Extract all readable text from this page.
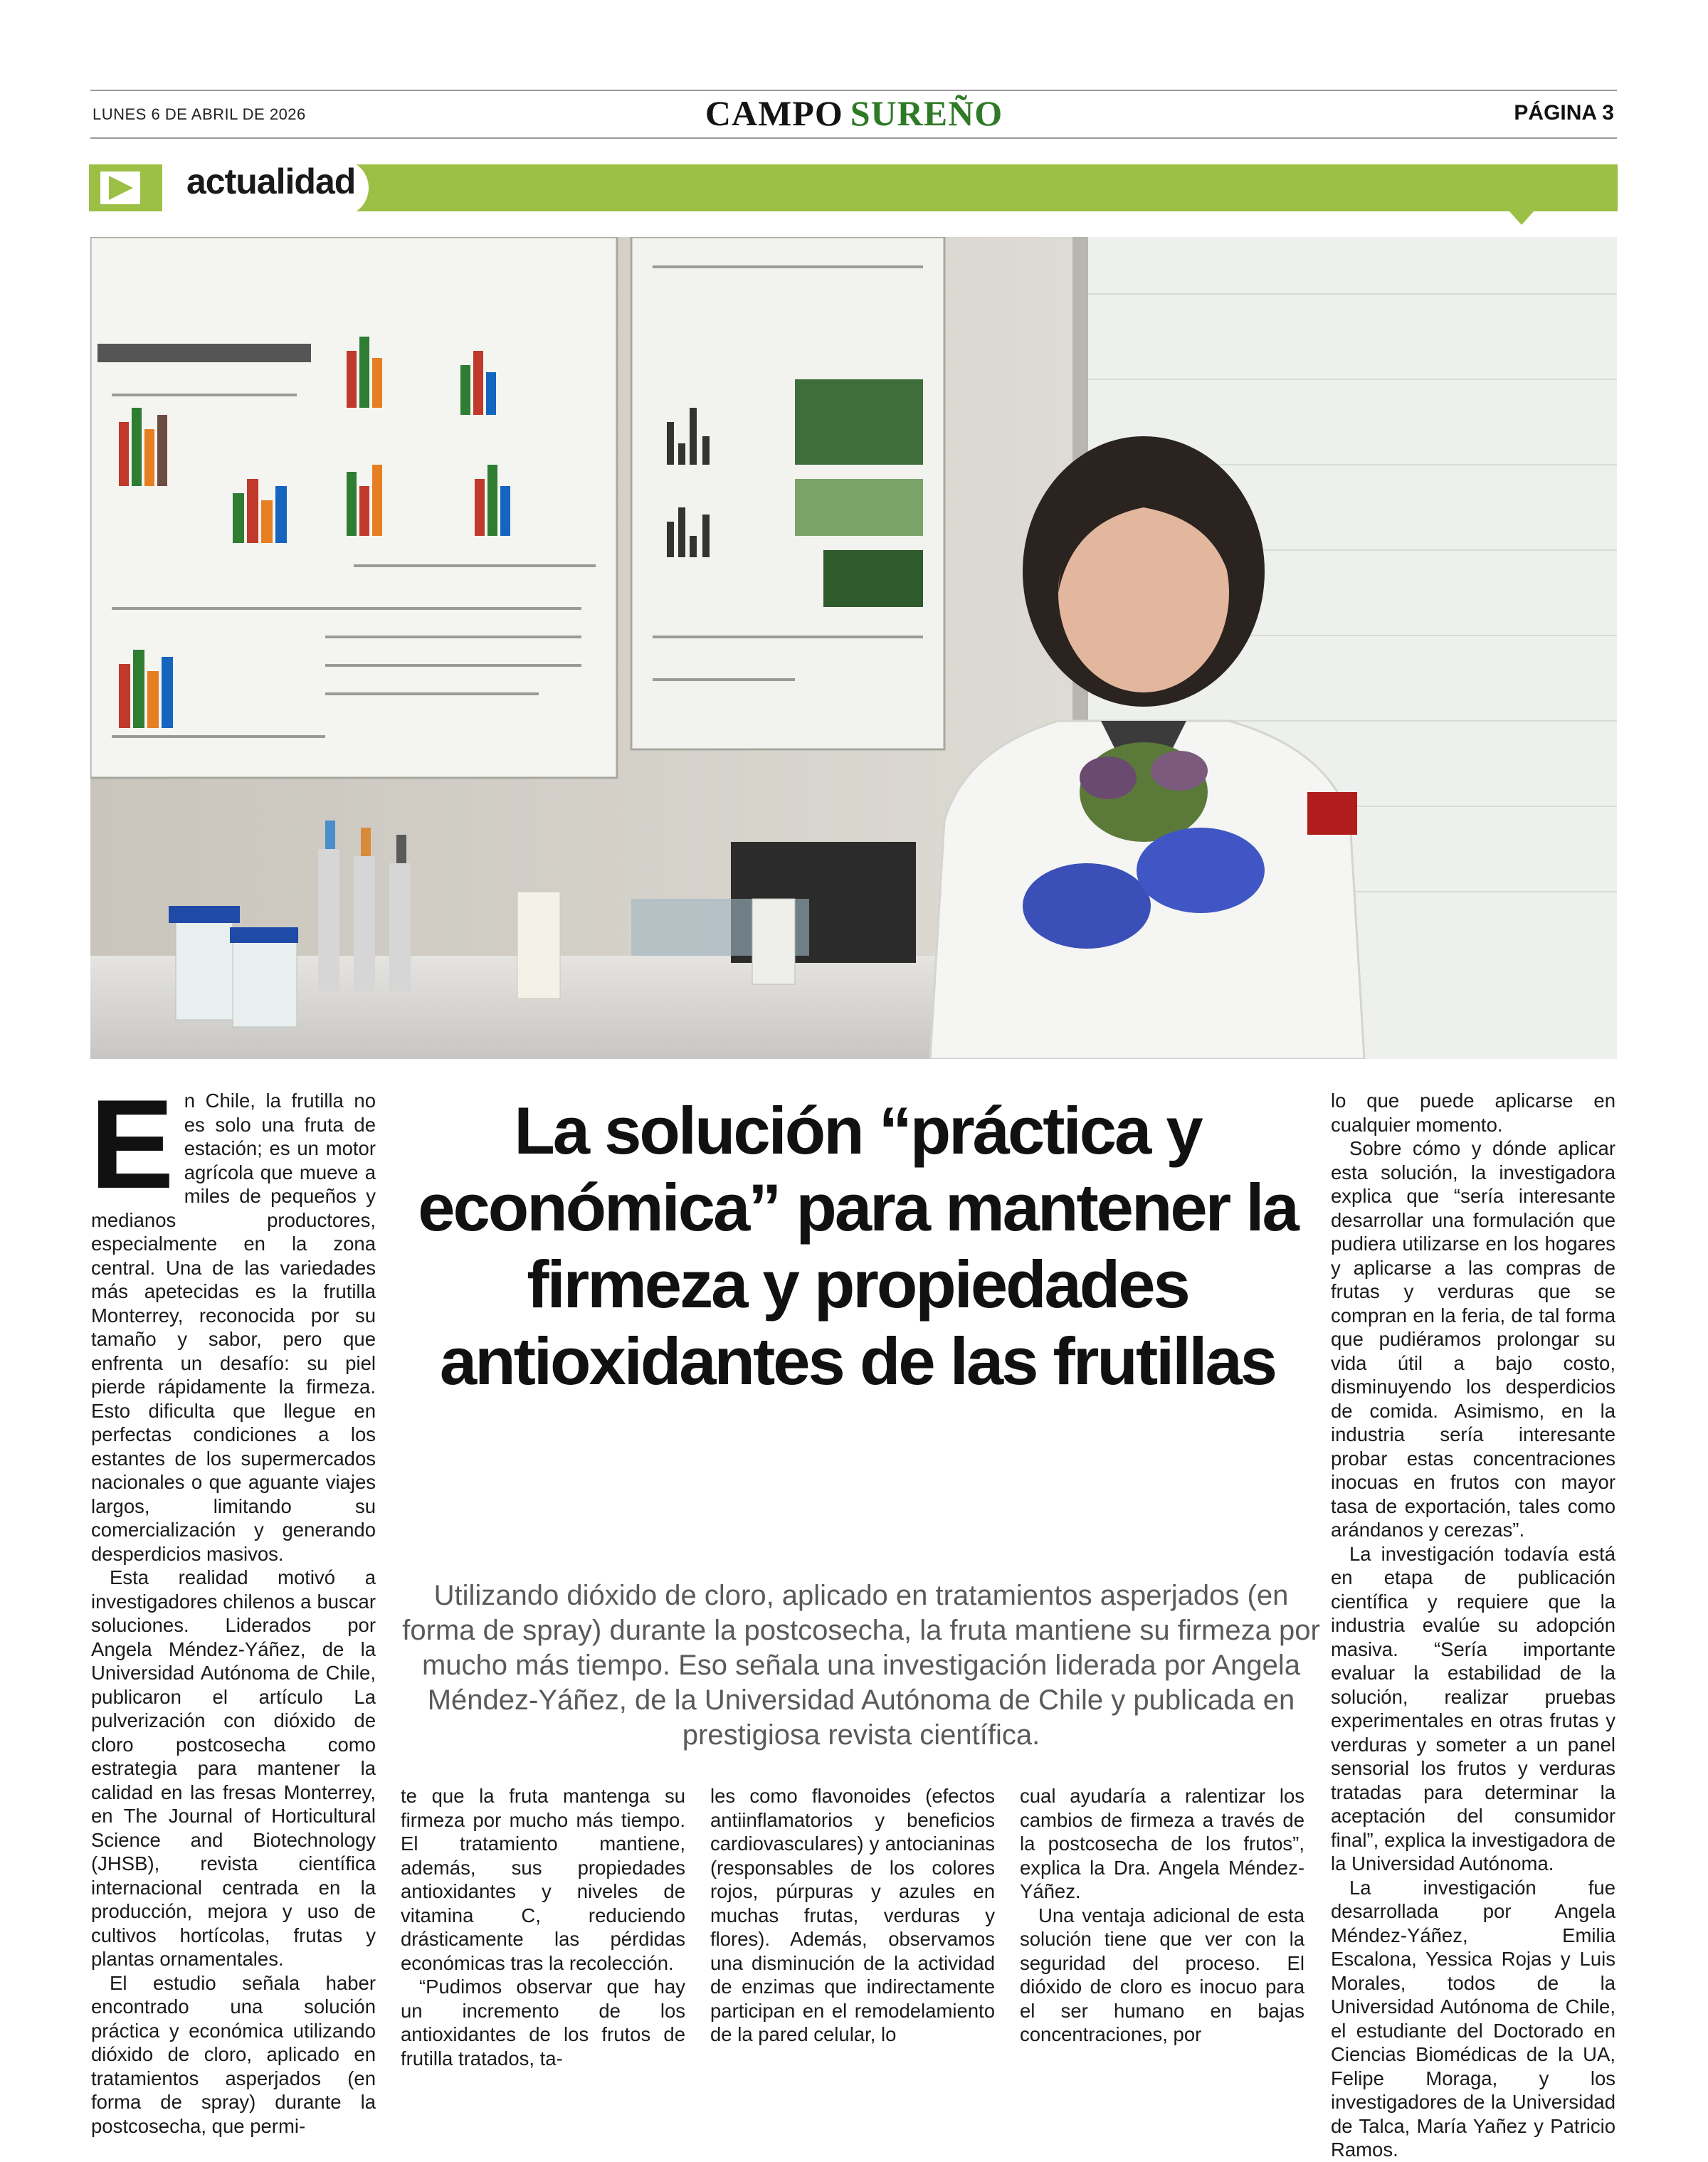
LUNES 6 DE ABRIL DE 2026	CAMPO SUREÑO	PÁGINA 3
actualidad

En Chile, la frutilla no es solo una fruta de estación; es un motor agrícola que mueve a miles de pequeños y medianos productores, especialmente en la zona central. Una de las variedades más apetecidas es la frutilla Monterrey, reconocida por su tamaño y sabor, pero que enfrenta un desafío: su piel pierde rápidamente la firmeza. Esto dificulta que llegue en perfectas condiciones a los estantes de los supermercados nacionales o que aguante viajes largos, limitando su comercialización y generando desperdicios masivos.

Esta realidad motivó a investigadores chilenos a buscar soluciones. Liderados por Angela Méndez-Yáñez, de la Universidad Autónoma de Chile, publicaron el artículo La pulverización con dióxido de cloro postcosecha como estrategia para mantener la calidad en las fresas Monterrey, en The Journal of Horticultural Science and Biotechnology (JHSB), revista científica internacional centrada en la producción, mejora y uso de cultivos hortícolas, frutas y plantas ornamentales.

El estudio señala haber encontrado una solución práctica y económica utilizando dióxido de cloro, aplicado en tratamientos asperjados (en forma de spray) durante la postcosecha, que permi-

La solución “práctica y económica” para mantener la firmeza y propiedades antioxidantes de las frutillas
Utilizando dióxido de cloro, aplicado en tratamientos asperjados (en forma de spray) durante la postcosecha, la fruta mantiene su firmeza por mucho más tiempo. Eso señala una investigación liderada por Angela Méndez-Yáñez, de la Universidad Autónoma de Chile y publicada en prestigiosa revista científica.

te que la fruta mantenga su firmeza por mucho más tiempo. El tratamiento mantiene, además, sus propiedades antioxidantes y niveles de vitamina C, reduciendo drásticamente las pérdidas económicas tras la recolección.

“Pudimos observar que hay un incremento de los antioxidantes de los frutos de frutilla tratados, ta-

les como flavonoides (efectos antiinflamatorios y beneficios cardiovasculares) y antocianinas (responsables de los colores rojos, púrpuras y azules en muchas frutas, verduras y flores). Además, observamos una disminución de la actividad de enzimas que indirectamente participan en el remodelamiento de la pared celular, lo

cual ayudaría a ralentizar los cambios de firmeza a través de la postcosecha de los frutos”, explica la Dra. Angela Méndez-Yáñez.

Una ventaja adicional de esta solución tiene que ver con la seguridad del proceso. El dióxido de cloro es inocuo para el ser humano en bajas concentraciones, por

lo que puede aplicarse en cualquier momento.

Sobre cómo y dónde aplicar esta solución, la investigadora explica que “sería interesante desarrollar una formulación que pudiera utilizarse en los hogares y aplicarse a las compras de frutas y verduras que se compran en la feria, de tal forma que pudiéramos prolongar su vida útil a bajo costo, disminuyendo los desperdicios de comida. Asimismo, en la industria sería interesante probar estas concentraciones inocuas en frutos con mayor tasa de exportación, tales como arándanos y cerezas”.

La investigación todavía está en etapa de publicación científica y requiere que la industria evalúe su adopción masiva. “Sería importante evaluar la estabilidad de la solución, realizar pruebas experimentales en otras frutas y verduras y someter a un panel sensorial los frutos y verduras tratadas para determinar la aceptación del consumidor final”, explica la investigadora de la Universidad Autónoma.

La investigación fue desarrollada por Angela Méndez-Yáñez, Emilia Escalona, Yessica Rojas y Luis Morales, todos de la Universidad Autónoma de Chile, el estudiante del Doctorado en Ciencias Biomédicas de la UA, Felipe Moraga, y los investigadores de la Universidad de Talca, María Yañez y Patricio Ramos.
